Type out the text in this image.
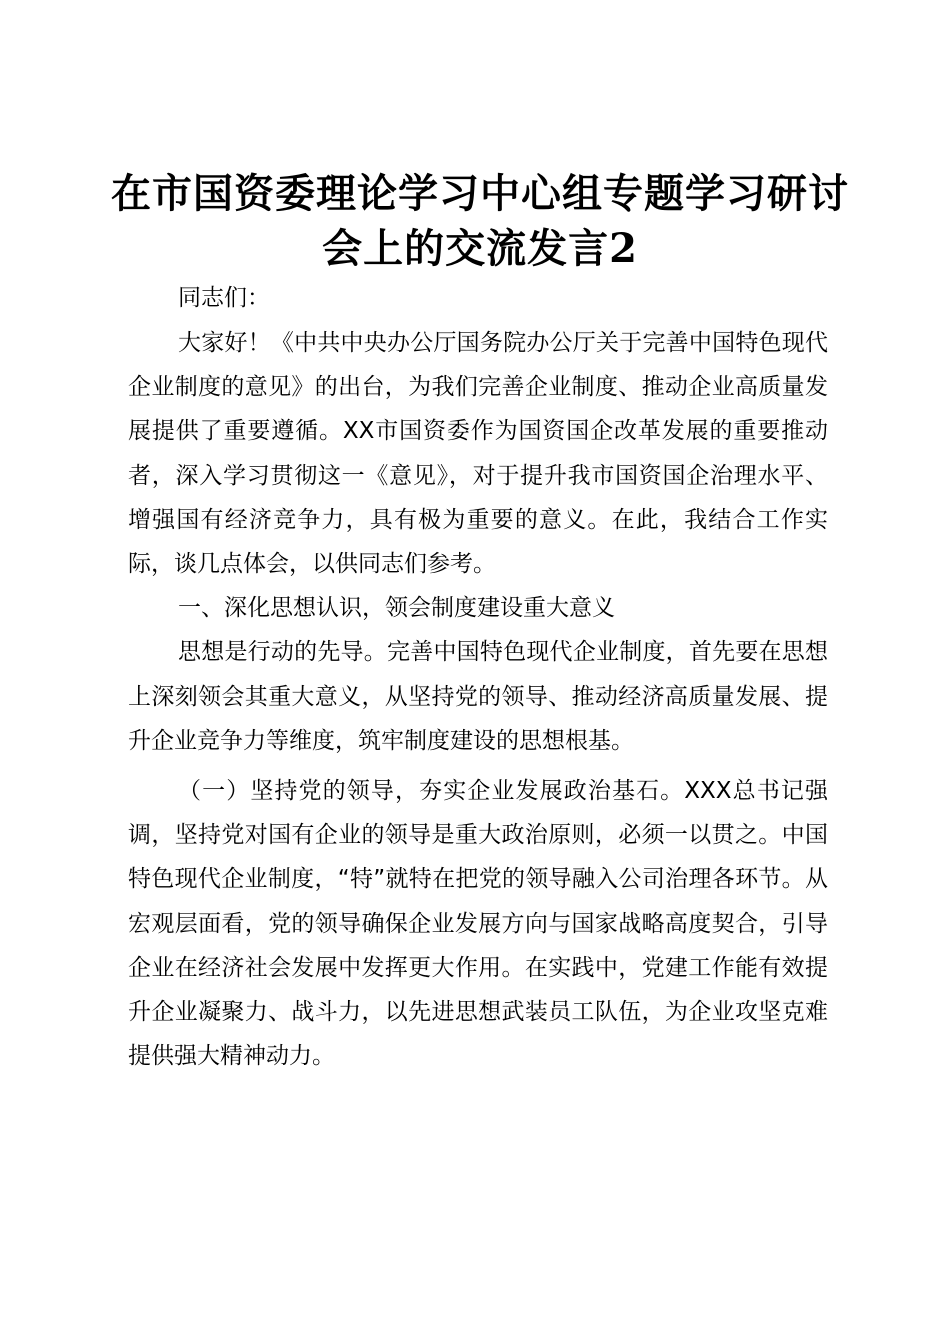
在市国资委理论学习中心组专题学习研讨会上的交流发言2

同志们：

大家好！《中共中央办公厅国务院办公厅关于完善中国特色现代企业制度的意见》的出台，为我们完善企业制度、推动企业高质量发展提供了重要遵循。XX市国资委作为国资国企改革发展的重要推动者，深入学习贯彻这一《意见》，对于提升我市国资国企治理水平、增强国有经济竞争力，具有极为重要的意义。在此，我结合工作实际，谈几点体会，以供同志们参考。

一、深化思想认识，领会制度建设重大意义

思想是行动的先导。完善中国特色现代企业制度，首先要在思想上深刻领会其重大意义，从坚持党的领导、推动经济高质量发展、提升企业竞争力等维度，筑牢制度建设的思想根基。

（一）坚持党的领导，夯实企业发展政治基石。XXX总书记强调，坚持党对国有企业的领导是重大政治原则，必须一以贯之。中国特色现代企业制度，“特”就特在把党的领导融入公司治理各环节。从宏观层面看，党的领导确保企业发展方向与国家战略高度契合，引导企业在经济社会发展中发挥更大作用。在实践中，党建工作能有效提升企业凝聚力、战斗力，以先进思想武装员工队伍，为企业攻坚克难提供强大精神动力。
